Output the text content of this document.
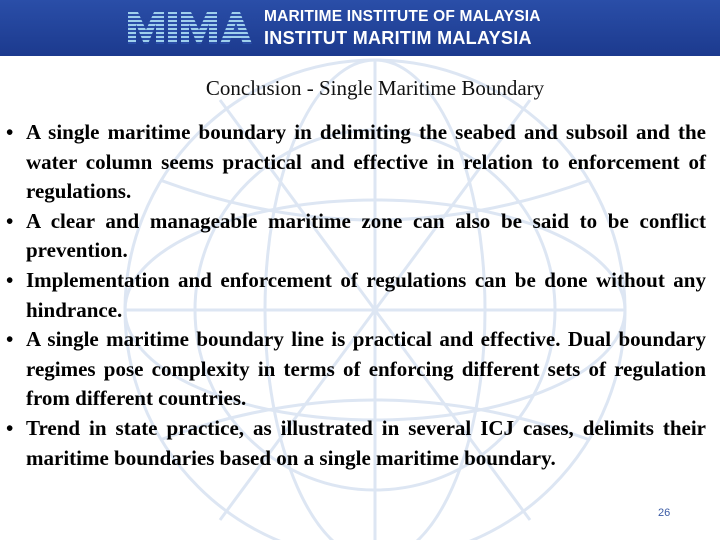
MARITIME INSTITUTE OF MALAYSIA
INSTITUT MARITIM MALAYSIA
Conclusion - Single Maritime Boundary
• A single maritime boundary in delimiting the seabed and subsoil and the water column seems practical and effective in relation to enforcement of regulations.
• A clear and manageable maritime zone can also be said to be conflict prevention.
• Implementation and enforcement of regulations can be done without any hindrance.
• A single maritime boundary line is practical and effective. Dual boundary regimes pose complexity in terms of enforcing different sets of regulation from different countries.
• Trend in state practice, as illustrated in several ICJ cases, delimits their maritime boundaries based on a single maritime boundary.
26
